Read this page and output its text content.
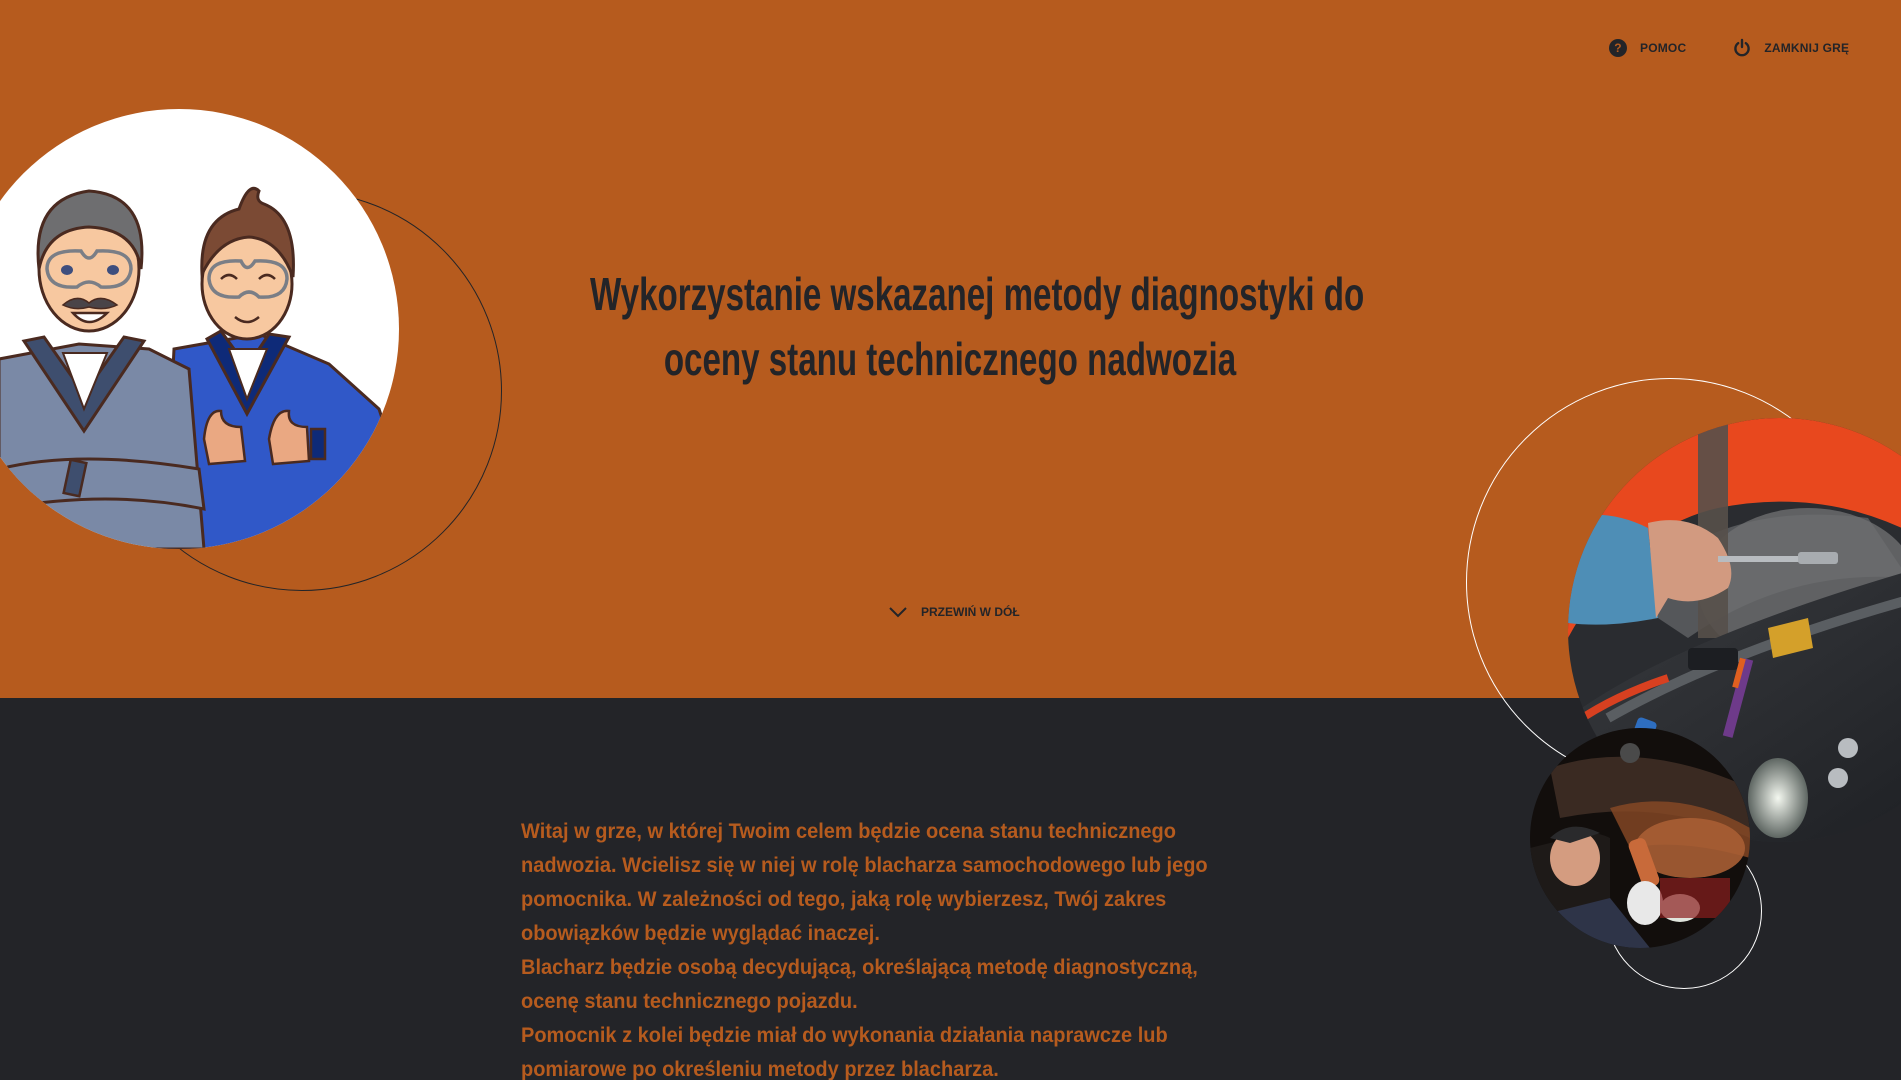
? POMOC	ZAMKNIJ GRĘ
Wykorzystanie wskazanej metody diagnostyki do
oceny stanu technicznego nadwozia
PRZEWIŃ W DÓŁ
Witaj w grze, w której Twoim celem będzie ocena stanu technicznego
nadwozia. Wcielisz się w niej w rolę blacharza samochodowego lub jego
pomocnika. W zależności od tego, jaką rolę wybierzesz, Twój zakres
obowiązków będzie wyglądać inaczej.
Blacharz będzie osobą decydującą, określającą metodę diagnostyczną,
ocenę stanu technicznego pojazdu.
Pomocnik z kolei będzie miał do wykonania działania naprawcze lub
pomiarowe po określeniu metody przez blacharza.
